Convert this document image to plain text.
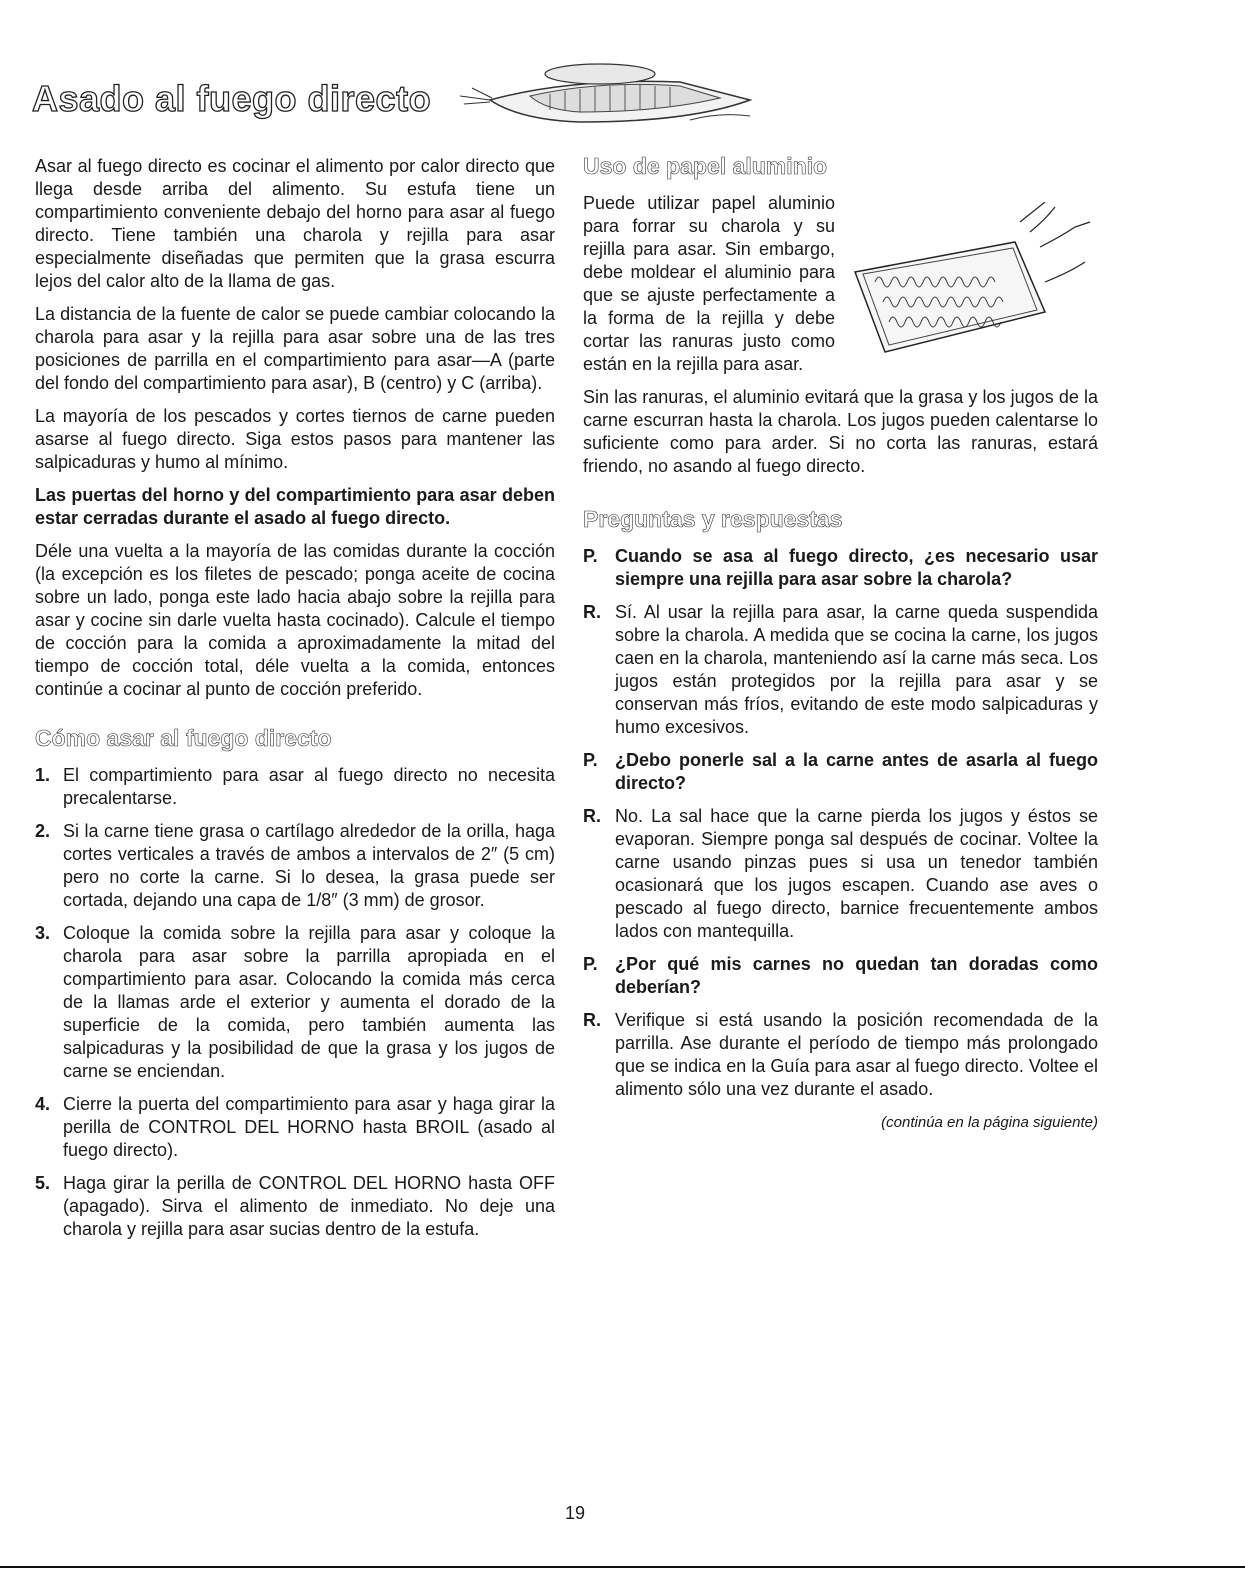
Asado al fuego directo

Asar al fuego directo es cocinar el alimento por calor directo que llega desde arriba del alimento. Su estufa tiene un compartimiento conveniente debajo del horno para asar al fuego directo. Tiene también una charola y rejilla para asar especialmente diseñadas que permiten que la grasa escurra lejos del calor alto de la llama de gas.

La distancia de la fuente de calor se puede cambiar colocando la charola para asar y la rejilla para asar sobre una de las tres posiciones de parrilla en el compartimiento para asar—A (parte del fondo del compartimiento para asar), B (centro) y C (arriba).

La mayoría de los pescados y cortes tiernos de carne pueden asarse al fuego directo. Siga estos pasos para mantener las salpicaduras y humo al mínimo.

Las puertas del horno y del compartimiento para asar deben estar cerradas durante el asado al fuego directo.

Déle una vuelta a la mayoría de las comidas durante la cocción (la excepción es los filetes de pescado; ponga aceite de cocina sobre un lado, ponga este lado hacia abajo sobre la rejilla para asar y cocine sin darle vuelta hasta cocinado). Calcule el tiempo de cocción para la comida a aproximadamente la mitad del tiempo de cocción total, déle vuelta a la comida, entonces continúe a cocinar al punto de cocción preferido.

Cómo asar al fuego directo
1. El compartimiento para asar al fuego directo no necesita precalentarse.
2. Si la carne tiene grasa o cartílago alrededor de la orilla, haga cortes verticales a través de ambos a intervalos de 2″ (5 cm) pero no corte la carne. Si lo desea, la grasa puede ser cortada, dejando una capa de 1/8″ (3 mm) de grosor.
3. Coloque la comida sobre la rejilla para asar y coloque la charola para asar sobre la parrilla apropiada en el compartimiento para asar. Colocando la comida más cerca de la llamas arde el exterior y aumenta el dorado de la superficie de la comida, pero también aumenta las salpicaduras y la posibilidad de que la grasa y los jugos de carne se enciendan.
4. Cierre la puerta del compartimiento para asar y haga girar la perilla de CONTROL DEL HORNO hasta BROIL (asado al fuego directo).
5. Haga girar la perilla de CONTROL DEL HORNO hasta OFF (apagado). Sirva el alimento de inmediato. No deje una charola y rejilla para asar sucias dentro de la estufa.
Uso de papel aluminio

Puede utilizar papel aluminio para forrar su charola y su rejilla para asar. Sin embargo, debe moldear el aluminio para que se ajuste perfectamente a la forma de la rejilla y debe cortar las ranuras justo como están en la rejilla para asar.

Sin las ranuras, el aluminio evitará que la grasa y los jugos de la carne escurran hasta la charola. Los jugos pueden calentarse lo suficiente como para arder. Si no corta las ranuras, estará friendo, no asando al fuego directo.

Preguntas y respuestas
P. Cuando se asa al fuego directo, ¿es necesario usar siempre una rejilla para asar sobre la charola?
R. Sí. Al usar la rejilla para asar, la carne queda suspendida sobre la charola. A medida que se cocina la carne, los jugos caen en la charola, manteniendo así la carne más seca. Los jugos están protegidos por la rejilla para asar y se conservan más fríos, evitando de este modo salpicaduras y humo excesivos.
P. ¿Debo ponerle sal a la carne antes de asarla al fuego directo?
R. No. La sal hace que la carne pierda los jugos y éstos se evaporan. Siempre ponga sal después de cocinar. Voltee la carne usando pinzas pues si usa un tenedor también ocasionará que los jugos escapen. Cuando ase aves o pescado al fuego directo, barnice frecuentemente ambos lados con mantequilla.
P. ¿Por qué mis carnes no quedan tan doradas como deberían?
R. Verifique si está usando la posición recomendada de la parrilla. Ase durante el período de tiempo más prolongado que se indica en la Guía para asar al fuego directo. Voltee el alimento sólo una vez durante el asado.
(continúa en la página siguiente)
19
